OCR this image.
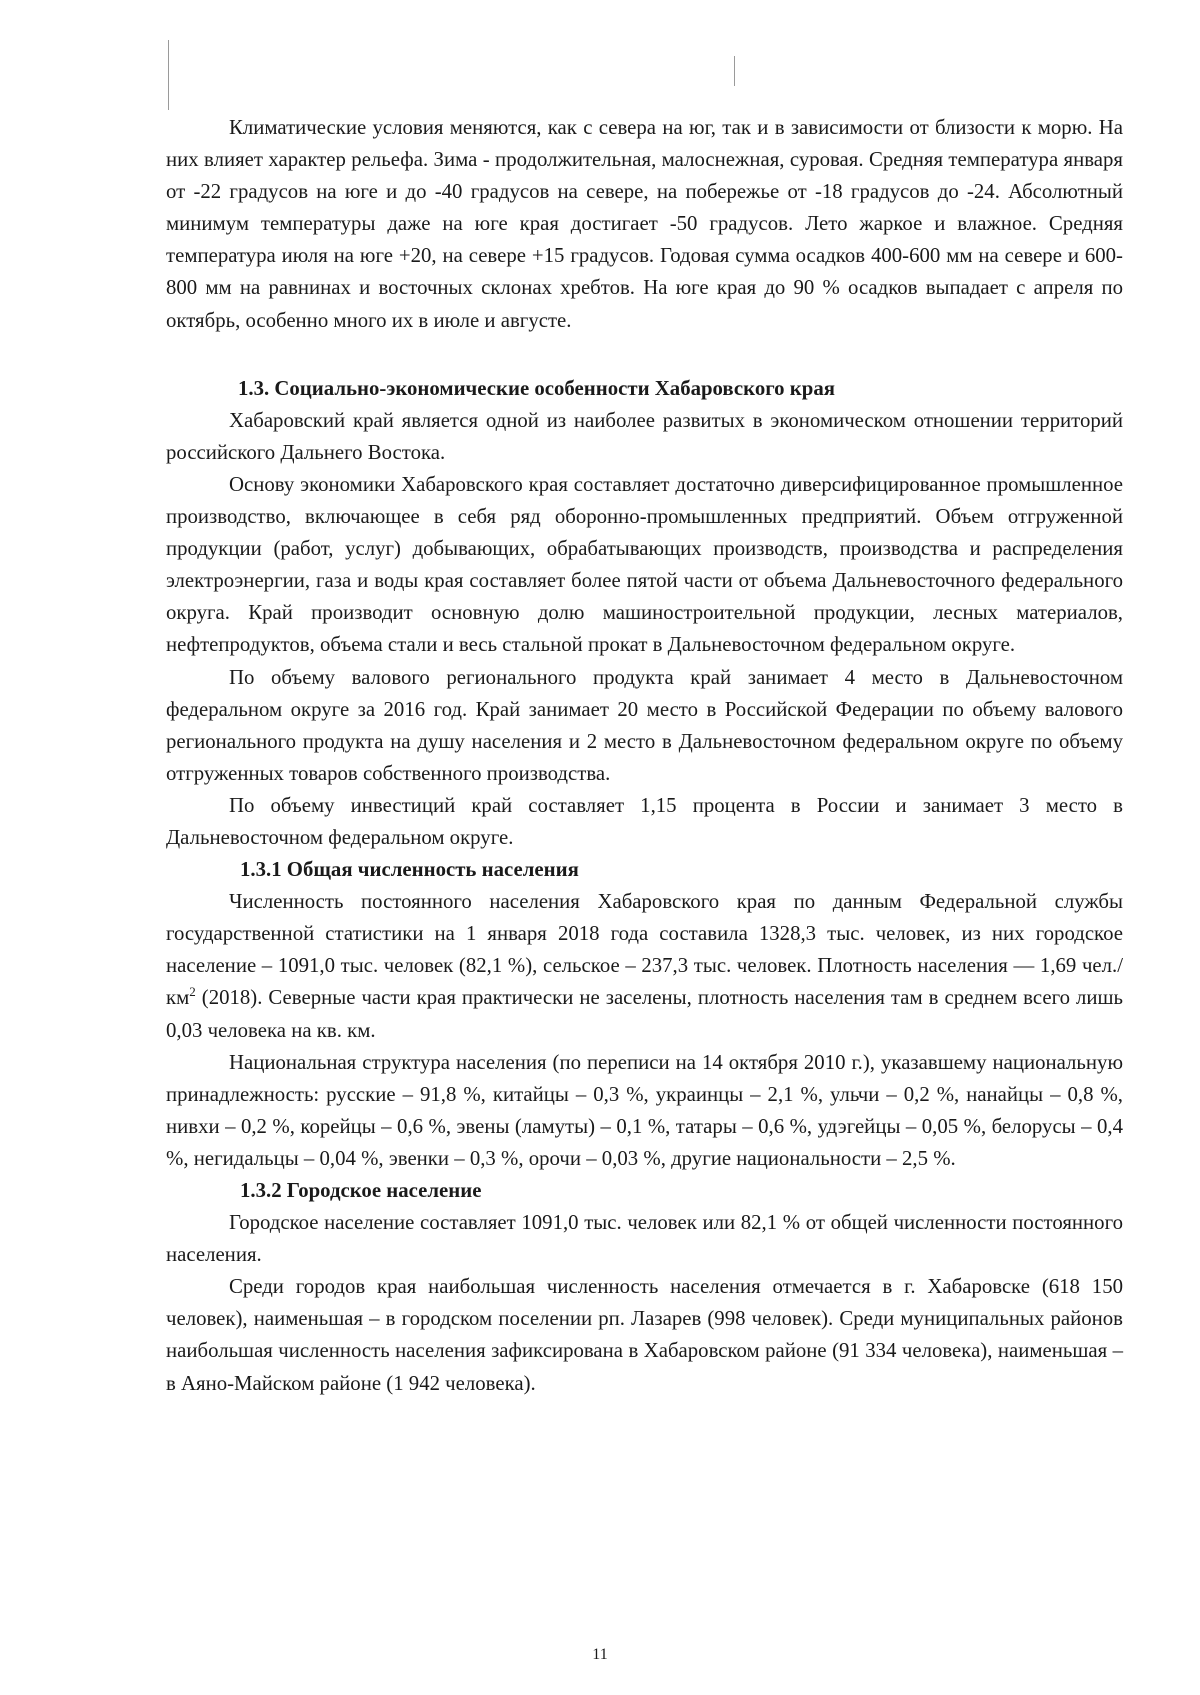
Климатические условия меняются, как с севера на юг, так и в зависимости от близости к морю. На них влияет характер рельефа. Зима - продолжительная, малоснежная, суровая. Средняя температура января от -22 градусов на юге и до -40 градусов на севере, на побережье от -18 градусов до -24. Абсолютный минимум температуры даже на юге края достигает -50 градусов. Лето жаркое и влажное. Средняя температура июля на юге +20, на севере +15 градусов. Годовая сумма осадков 400-600 мм на севере и 600-800 мм на равнинах и восточных склонах хребтов. На юге края до 90 % осадков выпадает с апреля по октябрь, особенно много их в июле и августе.

1.3. Социально-экономические особенности Хабаровского края

Хабаровский край является одной из наиболее развитых в экономическом отношении территорий российского Дальнего Востока.

Основу экономики Хабаровского края составляет достаточно диверсифицированное промышленное производство, включающее в себя ряд оборонно-промышленных предприятий. Объем отгруженной продукции (работ, услуг) добывающих, обрабатывающих производств, производства и распределения электроэнергии, газа и воды края составляет более пятой части от объема Дальневосточного федерального округа. Край производит основную долю машиностроительной продукции, лесных материалов, нефтепродуктов, объема стали и весь стальной прокат в Дальневосточном федеральном округе.

По объему валового регионального продукта край занимает 4 место в Дальневосточном федеральном округе за 2016 год. Край занимает 20 место в Российской Федерации по объему валового регионального продукта на душу населения и 2 место в Дальневосточном федеральном округе по объему отгруженных товаров собственного производства.

По объему инвестиций край составляет 1,15 процента в России и занимает 3 место в Дальневосточном федеральном округе.

1.3.1 Общая численность населения

Численность постоянного населения Хабаровского края по данным Федеральной службы государственной статистики на 1 января 2018 года составила 1328,3 тыс. человек, из них городское население – 1091,0 тыс. человек (82,1 %), сельское – 237,3 тыс. человек. Плотность населения — 1,69 $чел./км^2$ (2018). Северные части края практически не заселены, плотность населения там в среднем всего лишь 0,03 человека на кв. км.

Национальная структура населения (по переписи на 14 октября 2010 г.), указавшему национальную принадлежность: русские – 91,8 %, китайцы – 0,3 %, украинцы – 2,1 %, ульчи – 0,2 %, нанайцы – 0,8 %, нивхи – 0,2 %, корейцы – 0,6 %, эвены (ламуты) – 0,1 %, татары – 0,6 %, удэгейцы – 0,05 %, белорусы – 0,4 %, негидальцы – 0,04 %, эвенки – 0,3 %, орочи – 0,03 %, другие национальности – 2,5 %.

1.3.2 Городское население

Городское население составляет 1091,0 тыс. человек или 82,1 % от общей численности постоянного населения.

Среди городов края наибольшая численность населения отмечается в г. Хабаровске (618 150 человек), наименьшая – в городском поселении рп. Лазарев (998 человек). Среди муниципальных районов наибольшая численность населения зафиксирована в Хабаровском районе (91 334 человека), наименьшая – в Аяно-Майском районе (1 942 человека).

11
